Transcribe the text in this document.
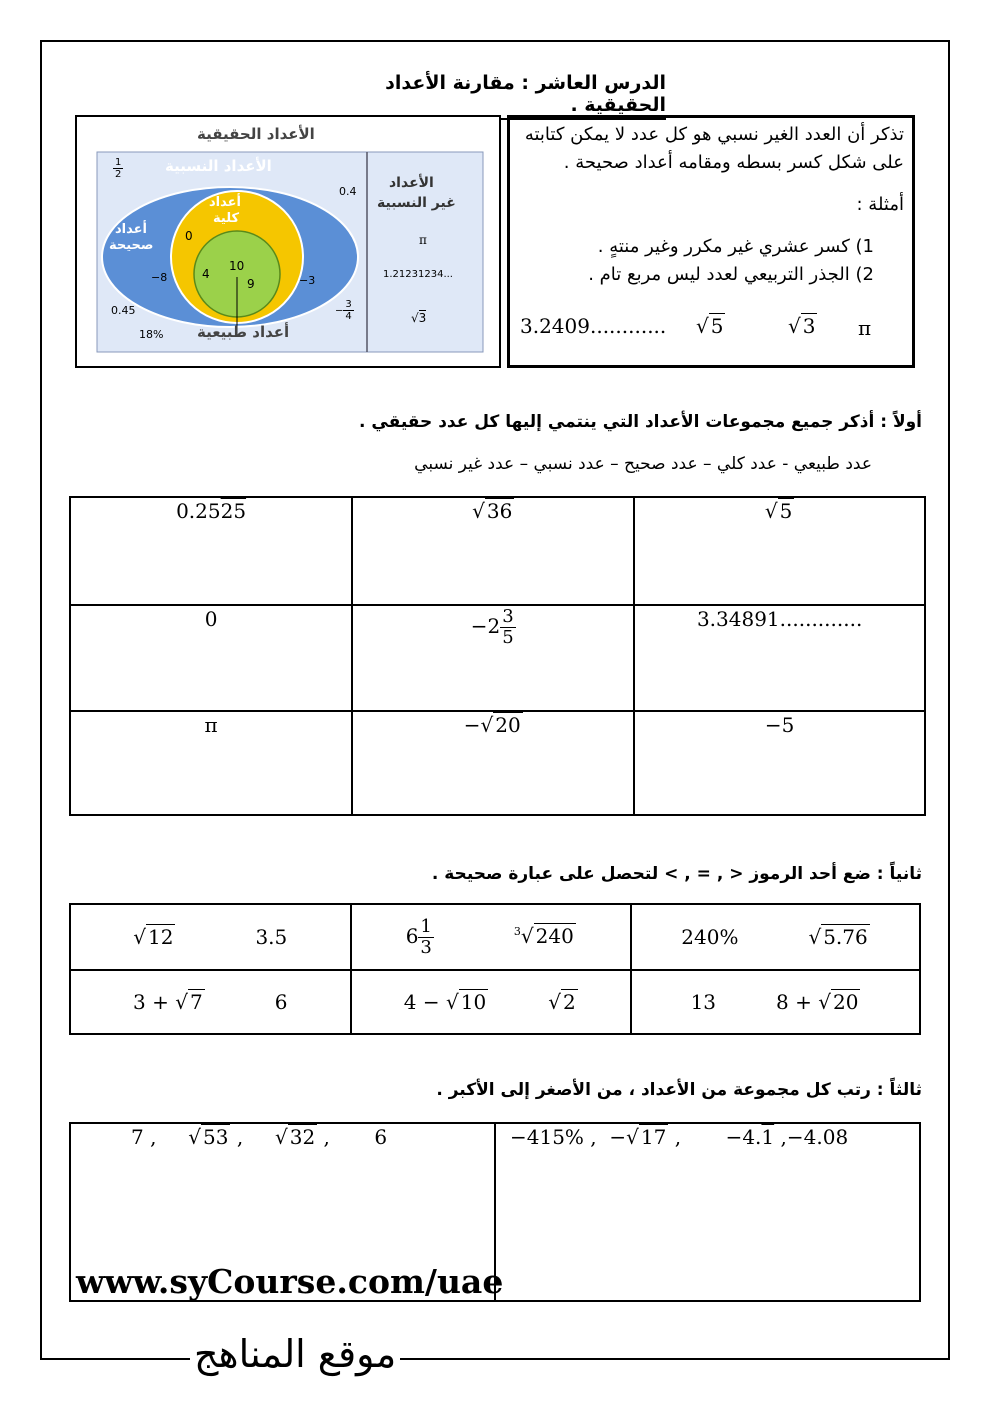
الدرس العاشر : مقارنة الأعداد الحقيقية .
الأعداد الحقيقية
الأعداد النسبية
الأعداد
غير النسبية
أعداد
صحيحة
أعداد
كلية
أعداد طبيعية
$\frac{1}{2}$
0
4
10
9
−8	−3
0.45
18%
− $\frac{3}{4}$
0.4
π
1.21231234...
√3
تذكر أن العدد الغير نسبي هو كل عدد لا يمكن كتابته
على شكل كسر بسطه ومقامه أعداد صحيحة .
أمثلة :
1) كسر عشري غير مكرر وغير منتهٍ .
2) الجذر التربيعي لعدد ليس مربع تام .
3.2409............ √ 5	√ 3 π
أولاً : أذكر جميع مجموعات الأعداد التي ينتمي إليها كل عدد حقيقي .
عدد طبيعي - عدد كلي – عدد صحيح – عدد نسبي – عدد غير نسبي
0.2525	√ 36	√ 5
0	$-2 \frac{3}{5}$	3.34891.............
π	−√ 20	−5
ثانياً : ضع أحد الرموز < , = , > لتحصل على عبارة صحيحة .
√ 12 3.5	$6 \frac{1}{3} ^3√$ 240	240% √ 5.76
3 + √ 7 6	4 − √ 10 √ 2	13 8 + √ 20
ثالثاً : رتب كل مجموعة من الأعداد ، من الأصغر إلى الأكبر .
7 , √ 53 , √ 32 , 6	−415% , −√ 17 , −4.1 ,−4.08
www.syCourse.com/uae
موقع المناهج
